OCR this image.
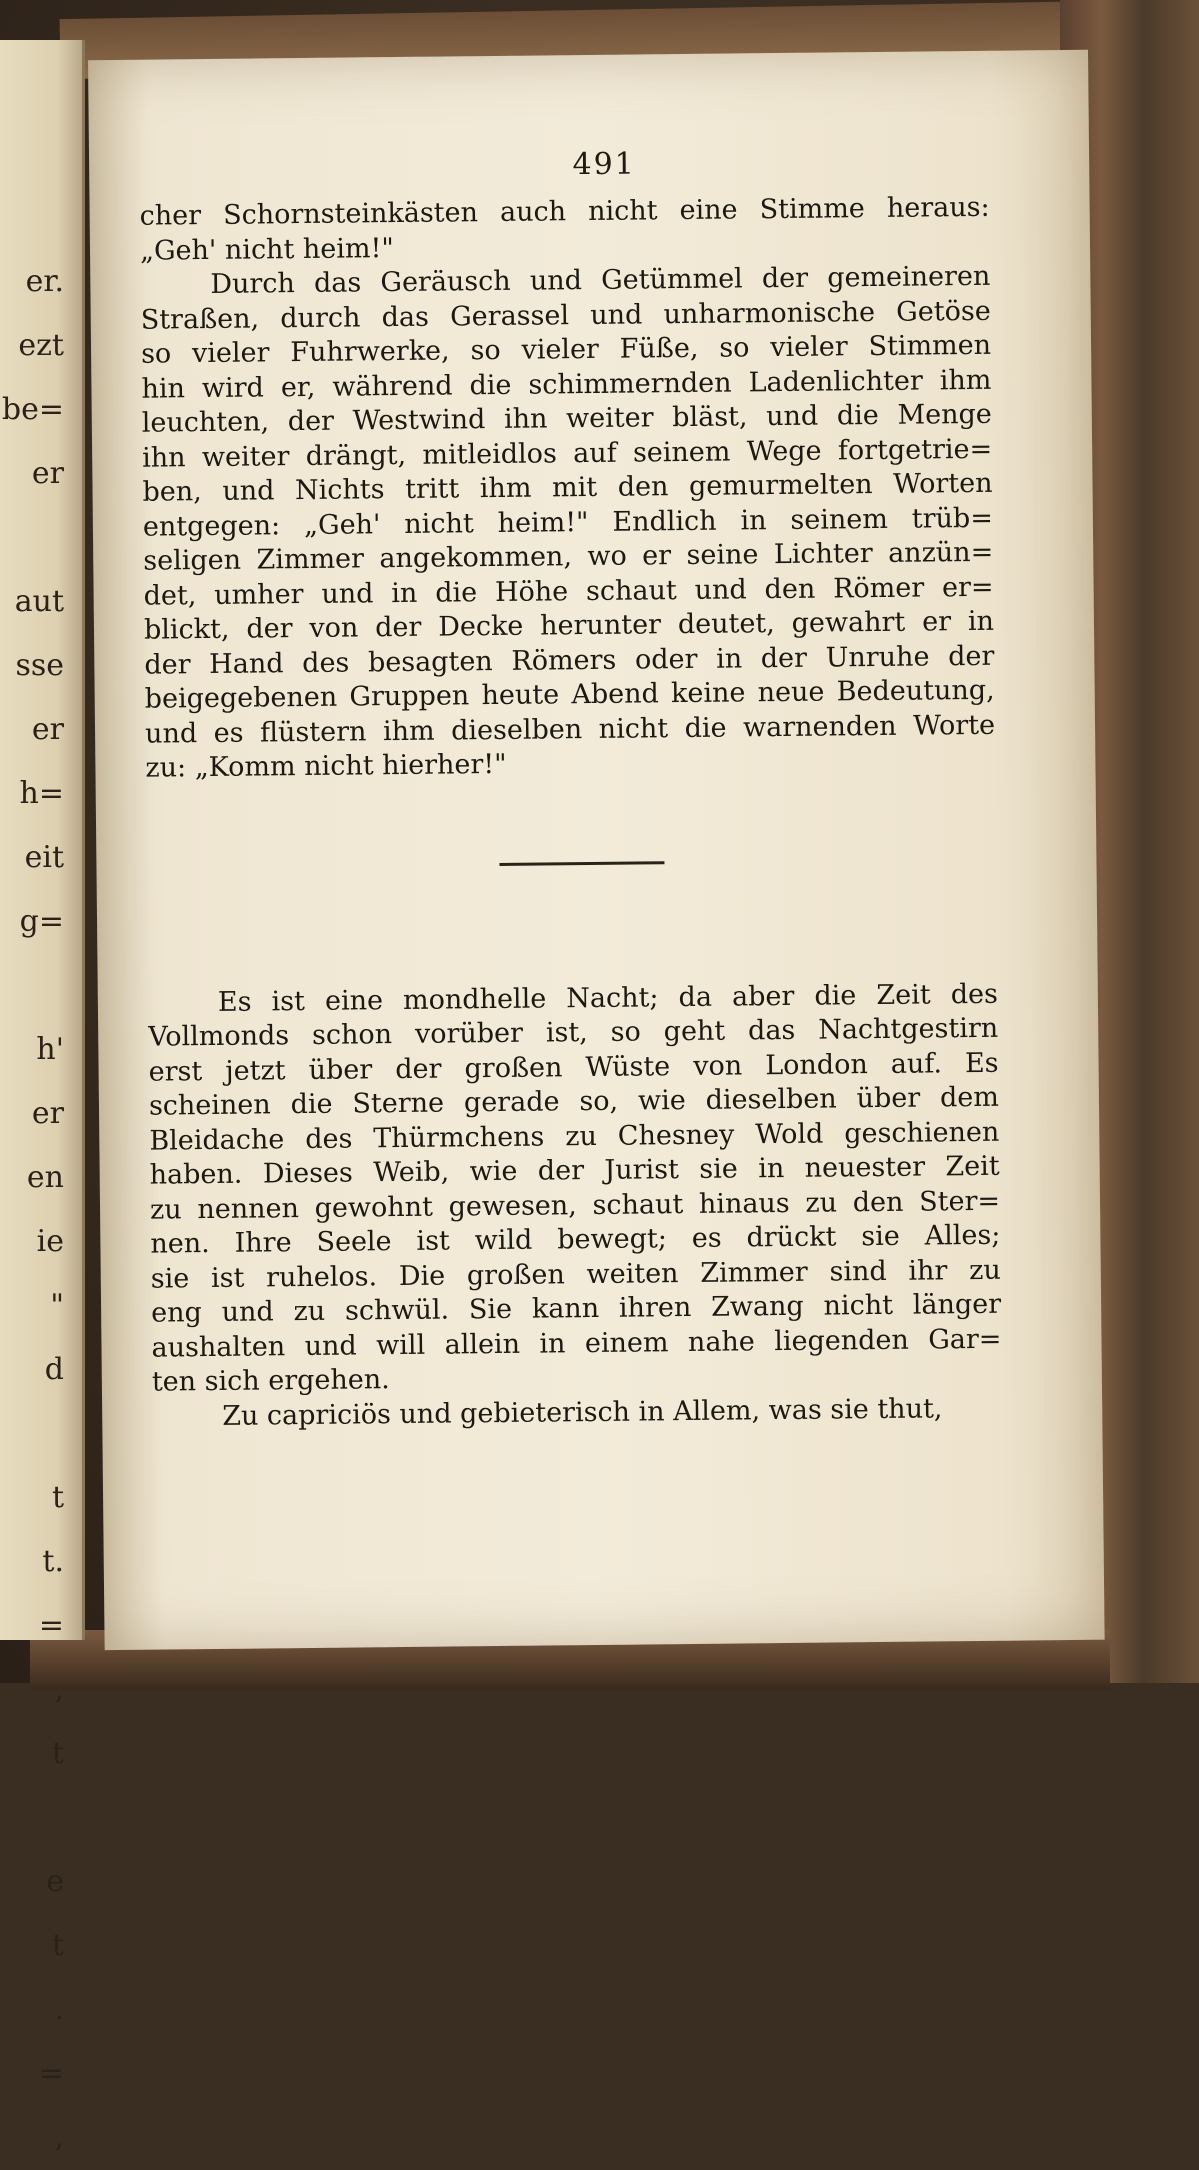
er.
ezt
be=
er
aut
sse
er
h=
eit
g=
h'
er
en
ie
"
d
t
t.
=
,
t
e
t
.
=
,
491
cher Schornsteinkästen auch nicht eine Stimme heraus:
„Geh' nicht heim!"
Durch das Geräusch und Getümmel der gemeineren
Straßen, durch das Gerassel und unharmonische Getöse
so vieler Fuhrwerke, so vieler Füße, so vieler Stimmen
hin wird er, während die schimmernden Ladenlichter ihm
leuchten, der Westwind ihn weiter bläst, und die Menge
ihn weiter drängt, mitleidlos auf seinem Wege fortgetrie=
ben, und Nichts tritt ihm mit den gemurmelten Worten
entgegen: „Geh' nicht heim!" Endlich in seinem trüb=
seligen Zimmer angekommen, wo er seine Lichter anzün=
det, umher und in die Höhe schaut und den Römer er=
blickt, der von der Decke herunter deutet, gewahrt er in
der Hand des besagten Römers oder in der Unruhe der
beigegebenen Gruppen heute Abend keine neue Bedeutung,
und es flüstern ihm dieselben nicht die warnenden Worte
zu: „Komm nicht hierher!"
Es ist eine mondhelle Nacht; da aber die Zeit des
Vollmonds schon vorüber ist, so geht das Nachtgestirn
erst jetzt über der großen Wüste von London auf. Es
scheinen die Sterne gerade so, wie dieselben über dem
Bleidache des Thürmchens zu Chesney Wold geschienen
haben. Dieses Weib, wie der Jurist sie in neuester Zeit
zu nennen gewohnt gewesen, schaut hinaus zu den Ster=
nen. Ihre Seele ist wild bewegt; es drückt sie Alles;
sie ist ruhelos. Die großen weiten Zimmer sind ihr zu
eng und zu schwül. Sie kann ihren Zwang nicht länger
aushalten und will allein in einem nahe liegenden Gar=
ten sich ergehen.
Zu capriciös und gebieterisch in Allem, was sie thut,
